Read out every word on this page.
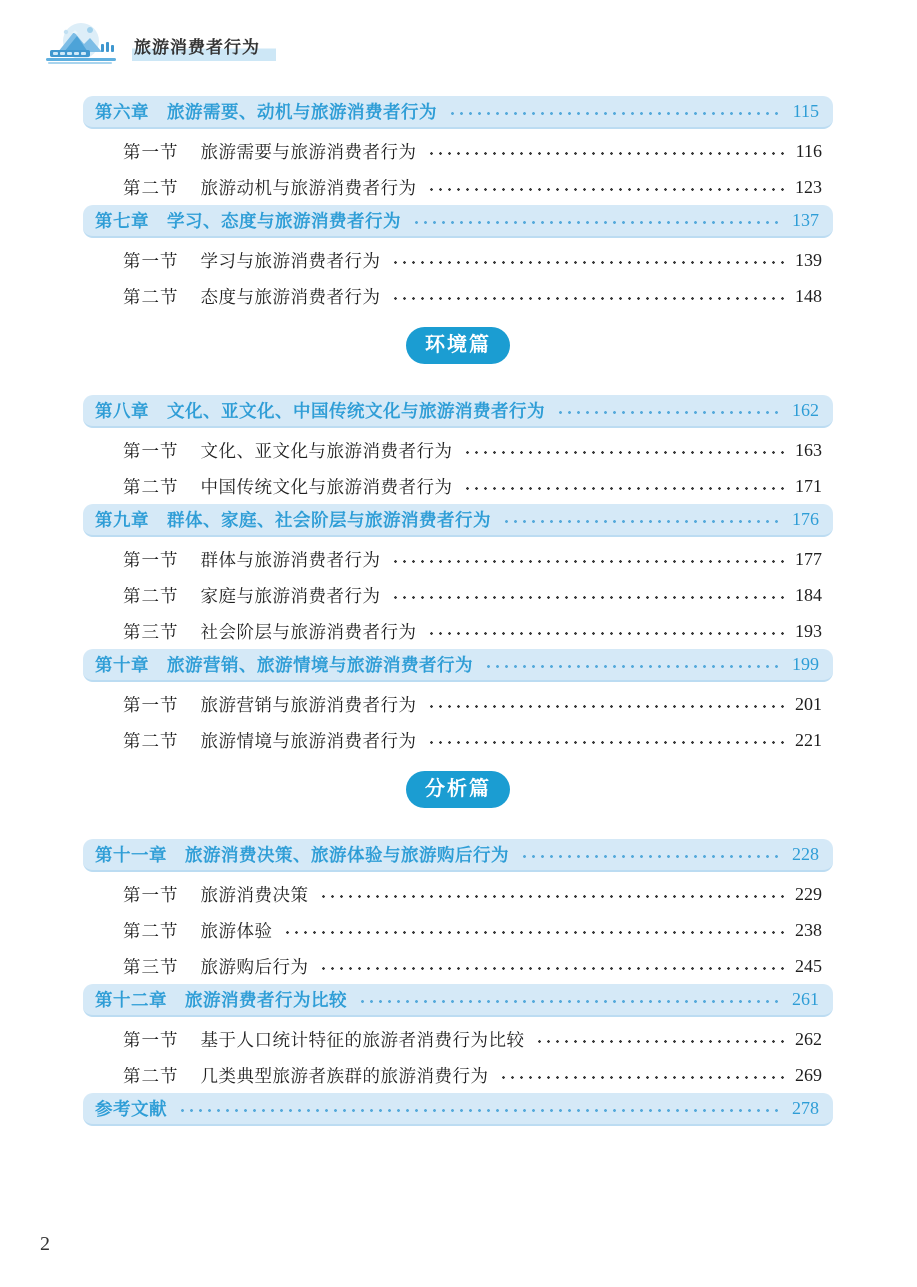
旅游消费者行为
第六章 旅游需要、动机与旅游消费者行为	115
第一节 旅游需要与旅游消费者行为	116
第二节 旅游动机与旅游消费者行为	123
第七章 学习、态度与旅游消费者行为	137
第一节 学习与旅游消费者行为	139
第二节 态度与旅游消费者行为	148
环境篇
第八章 文化、亚文化、中国传统文化与旅游消费者行为	162
第一节 文化、亚文化与旅游消费者行为	163
第二节 中国传统文化与旅游消费者行为	171
第九章 群体、家庭、社会阶层与旅游消费者行为	176
第一节 群体与旅游消费者行为	177
第二节 家庭与旅游消费者行为	184
第三节 社会阶层与旅游消费者行为	193
第十章 旅游营销、旅游情境与旅游消费者行为	199
第一节 旅游营销与旅游消费者行为	201
第二节 旅游情境与旅游消费者行为	221
分析篇
第十一章 旅游消费决策、旅游体验与旅游购后行为	228
第一节 旅游消费决策	229
第二节 旅游体验	238
第三节 旅游购后行为	245
第十二章 旅游消费者行为比较	261
第一节 基于人口统计特征的旅游者消费行为比较	262
第二节 几类典型旅游者族群的旅游消费行为	269
参考文献	278
2
